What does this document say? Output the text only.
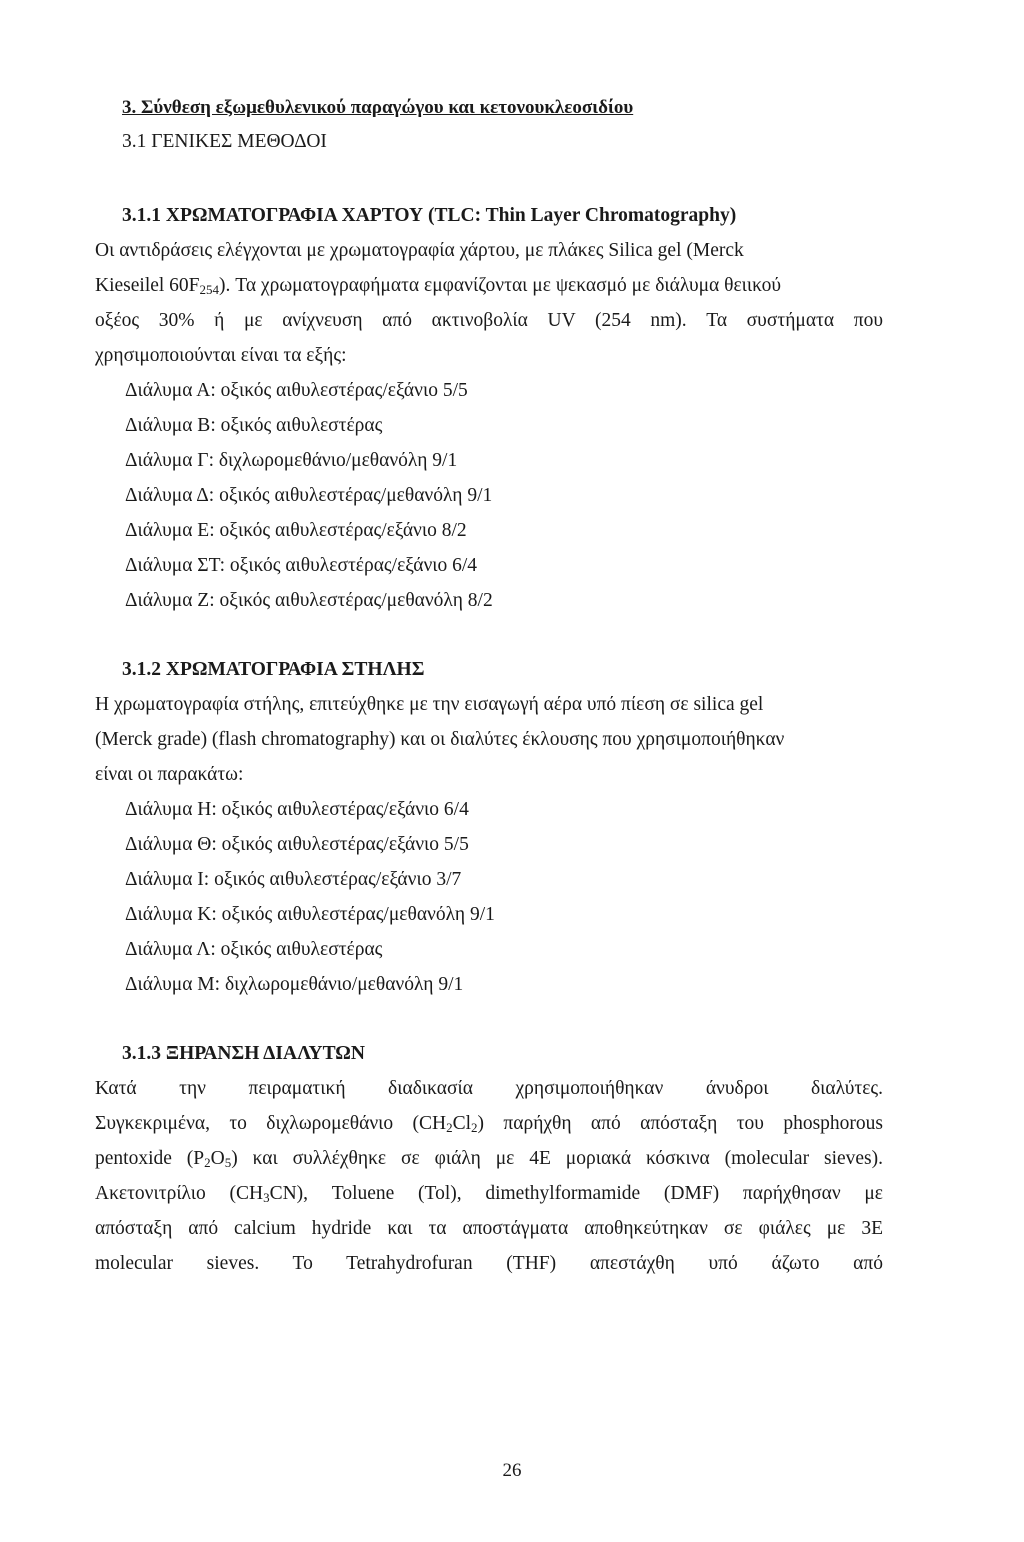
3. Σύνθεση εξωμεθυλενικού παραγώγου και κετονουκλεοσιδίου
3.1 ΓΕΝΙΚΕΣ ΜΕΘΟΔΟΙ
3.1.1 ΧΡΩΜΑΤΟΓΡΑΦΙΑ ΧΑΡΤΟΥ (TLC: Thin Layer Chromatography)
Οι αντιδράσεις ελέγχονται με χρωματογραφία χάρτου, με πλάκες Silica gel (Merck
Kieseilel $60F_{254}$). Τα χρωματογραφήματα εμφανίζονται με ψεκασμό με διάλυμα θειικού
οξέος 30% ή με ανίχνευση από ακτινοβολία UV (254 nm). Τα συστήματα που
χρησιμοποιούνται είναι τα εξής:
Διάλυμα Α: οξικός αιθυλεστέρας/εξάνιο 5/5
Διάλυμα Β: οξικός αιθυλεστέρας
Διάλυμα Γ: διχλωρομεθάνιο/μεθανόλη 9/1
Διάλυμα Δ: οξικός αιθυλεστέρας/μεθανόλη 9/1
Διάλυμα Ε: οξικός αιθυλεστέρας/εξάνιο 8/2
Διάλυμα ΣΤ: οξικός αιθυλεστέρας/εξάνιο 6/4
Διάλυμα Ζ: οξικός αιθυλεστέρας/μεθανόλη 8/2
3.1.2 ΧΡΩΜΑΤΟΓΡΑΦΙΑ ΣΤΗΛΗΣ
Η χρωματογραφία στήλης, επιτεύχθηκε με την εισαγωγή αέρα υπό πίεση σε silica gel
(Merck grade) (flash chromatography) και οι διαλύτες έκλουσης που χρησιμοποιήθηκαν
είναι οι παρακάτω:
Διάλυμα Η: οξικός αιθυλεστέρας/εξάνιο 6/4
Διάλυμα Θ: οξικός αιθυλεστέρας/εξάνιο 5/5
Διάλυμα Ι: οξικός αιθυλεστέρας/εξάνιο 3/7
Διάλυμα Κ: οξικός αιθυλεστέρας/μεθανόλη 9/1
Διάλυμα Λ: οξικός αιθυλεστέρας
Διάλυμα Μ: διχλωρομεθάνιο/μεθανόλη 9/1
3.1.3 ΞΗΡΑΝΣΗ ΔΙΑΛΥΤΩΝ
Κατά την πειραματική διαδικασία χρησιμοποιήθηκαν άνυδροι διαλύτες.
Συγκεκριμένα, το διχλωρομεθάνιο $(CH_2Cl_2)$ παρήχθη από απόσταξη του phosphorous
pentoxide $(P_2O_5)$ και συλλέχθηκε σε φιάλη με 4E μοριακά κόσκινα (molecular sieves).
Ακετονιτρίλιο $(CH_3CN)$, Toluene (Tol), dimethylformamide (DMF) παρήχθησαν με
απόσταξη από calcium hydride και τα αποστάγματα αποθηκεύτηκαν σε φιάλες με 3E
molecular sieves. To Tetrahydrofuran (THF) απεστάχθη υπό άζωτο από
26
